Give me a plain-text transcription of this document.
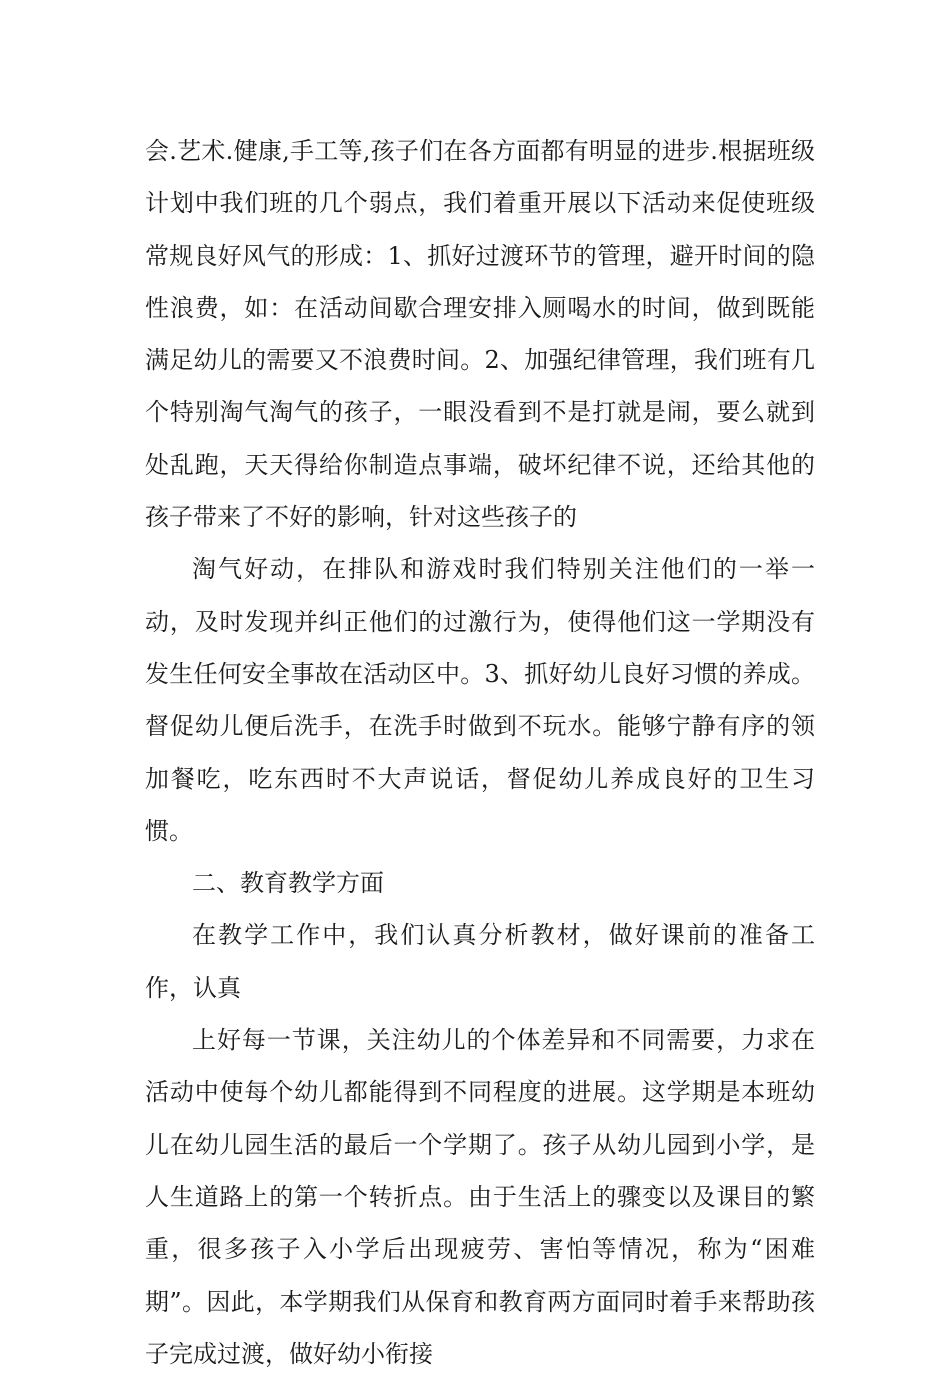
会.艺术.健康,手工等,孩子们在各方面都有明显的进步.根据班级计划中我们班的几个弱点，我们着重开展以下活动来促使班级常规良好风气的形成：1、抓好过渡环节的管理，避开时间的隐性浪费，如：在活动间歇合理安排入厕喝水的时间，做到既能满足幼儿的需要又不浪费时间。2、加强纪律管理，我们班有几个特别淘气淘气的孩子，一眼没看到不是打就是闹，要么就到处乱跑，天天得给你制造点事端，破坏纪律不说，还给其他的孩子带来了不好的影响，针对这些孩子的

淘气好动，在排队和游戏时我们特别关注他们的一举一动，及时发现并纠正他们的过激行为，使得他们这一学期没有发生任何安全事故在活动区中。3、抓好幼儿良好习惯的养成。督促幼儿便后洗手，在洗手时做到不玩水。能够宁静有序的领加餐吃，吃东西时不大声说话，督促幼儿养成良好的卫生习惯。

二、教育教学方面

在教学工作中，我们认真分析教材，做好课前的准备工作，认真

上好每一节课，关注幼儿的个体差异和不同需要，力求在活动中使每个幼儿都能得到不同程度的进展。这学期是本班幼儿在幼儿园生活的最后一个学期了。孩子从幼儿园到小学，是人生道路上的第一个转折点。由于生活上的骤变以及课目的繁重，很多孩子入小学后出现疲劳、害怕等情况，称为“困难期”。因此，本学期我们从保育和教育两方面同时着手来帮助孩子完成过渡，做好幼小衔接
